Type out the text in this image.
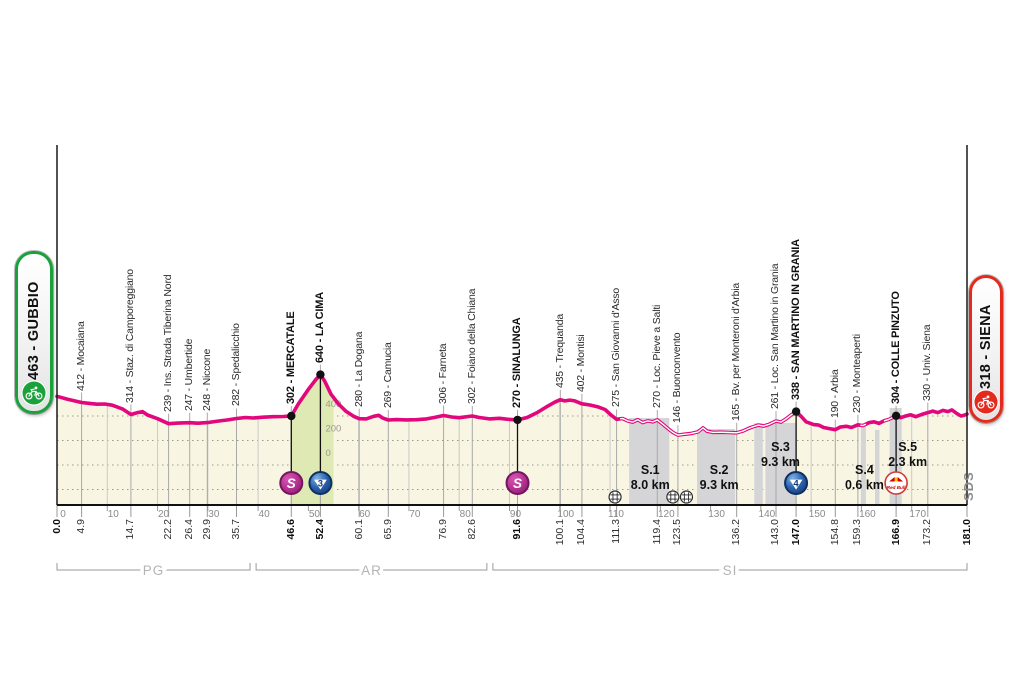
0	10	20	30	40	50	60	70	80	90	100	110	120	130	140	150	160	170
400
200
0
S 3	S	4	Red Bull
S.1
8.0 km
S.2
9.3 km
S.3
9.3 km
S.4
0.6 km
S.5
2.3 km
PG	AR	SI
0.0
412 - Mocaiana
4.9
314 - Staz. di Camporeggiano
14.7
239 - Ins. Strada Tiberina Nord
22.2
247 - Umbertide
26.4
248 - Niccone
29.9
282 - Spedalicchio
35.7
302 - MERCATALE
46.6
640 - LA CIMA
52.4
280 - La Dogana
60.1
269 - Camucia
65.9
306 - Farneta
76.9
302 - Foiano della Chiana
82.6
270 - SINALUNGA
91.6
435 - Trequanda
100.1
402 - Montisi
104.4
275 - San Giovanni d'Asso
111.3
270 - Loc. Pieve a Salti
119.4
146 - Buonconvento
123.5
165 - Bv. per Monteroni d'Arbia
136.2
261 - Loc. San Martino in Grania
143.0
338 - SAN MARTINO IN GRANIA
147.0
190 - Arbia
154.8
230 - Monteaperti
159.3
304 - COLLE PINZUTO
166.9
330 - Univ. Siena
173.2	181.0
463 - GUBBIO	318 - SIENA
SDS
